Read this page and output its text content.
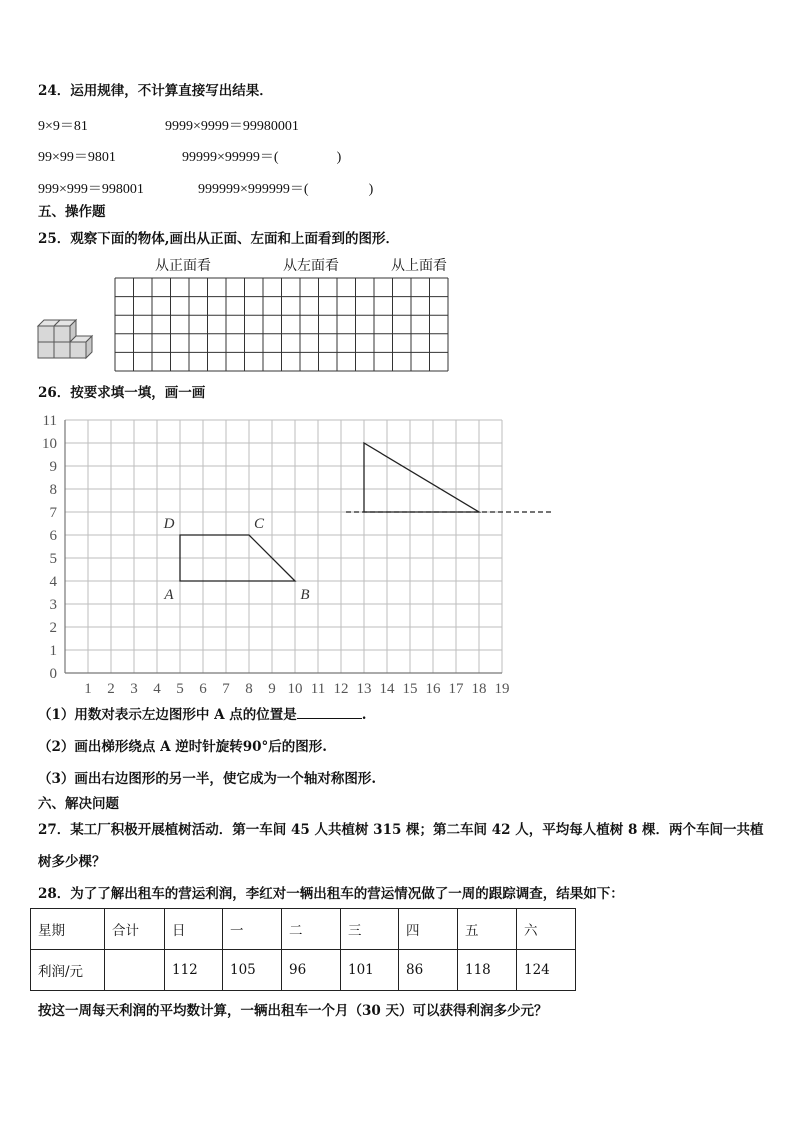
24．运用规律，不计算直接写出结果．
9×9＝81	9999×9999＝99980001
99×99＝9801	99999×99999＝(	)
999×999＝998001	999999×999999＝(	)
五、操作题
25．观察下面的物体,画出从正面、左面和上面看到的图形．
从正面看	从左面看	从上面看
26．按要求填一填，画一画
0
1
2
3
4
5
6
7
8
9
10
11
1 2 3 4 5 6 7 8 9 10 11 12 13 14 15 16 17 18 19
A	B
C
D
（1）用数对表示左边图形中 A 点的位置是	.
（2）画出梯形绕点 A 逆时针旋转90°后的图形.
（3）画出右边图形的另一半，使它成为一个轴对称图形.
六、解决问题
27．某工厂积极开展植树活动．第一车间 45 人共植树 315 棵；第二车间 42 人，平均每人植树 8 棵．两个车间一共植
树多少棵？
28．为了了解出租车的营运利润，李红对一辆出租车的营运情况做了一周的跟踪调查，结果如下：
星期	合计	日	一	二	三	四	五	六
利润/元		112	105	96	101	86	118	124
按这一周每天利润的平均数计算，一辆出租车一个月（30 天）可以获得利润多少元？
